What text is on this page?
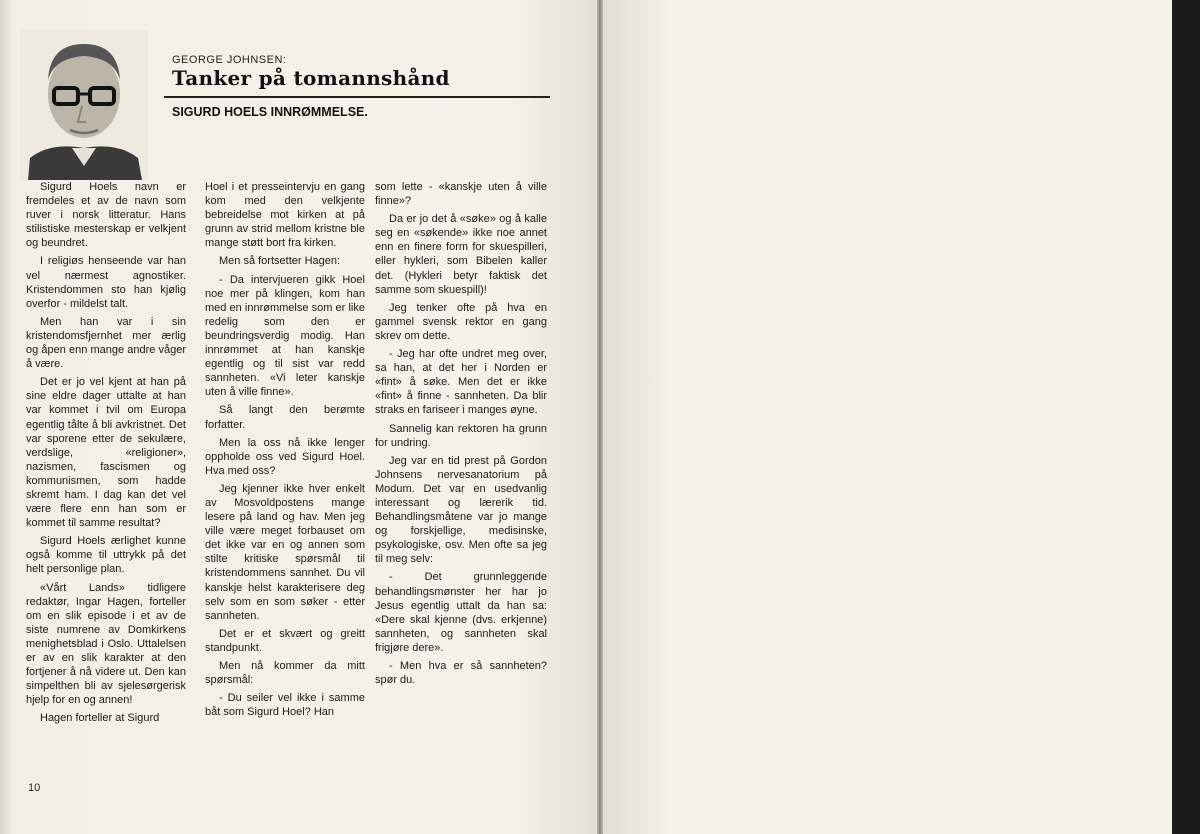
GEORGE JOHNSEN:
Tanker på tomannshånd
SIGURD HOELS INNRØMMELSE.

Sigurd Hoels navn er fremdeles et av de navn som ruver i norsk litteratur. Hans stilistiske mesterskap er velkjent og beundret.

I religiøs henseende var han vel nærmest agnostiker. Kristendommen sto han kjølig overfor - mildelst talt.

Men han var i sin kristendomsfjernhet mer ærlig og åpen enn mange andre våger å være.

Det er jo vel kjent at han på sine eldre dager uttalte at han var kommet i tvil om Europa egentlig tålte å bli avkristnet. Det var sporene etter de sekulære, verdslige, «religioner», nazismen, fascismen og kommunismen, som hadde skremt ham. I dag kan det vel være flere enn han som er kommet til samme resultat?

Sigurd Hoels ærlighet kunne også komme til uttrykk på det helt personlige plan.

«Vårt Lands» tidligere redaktør, Ingar Hagen, forteller om en slik episode i et av de siste numrene av Domkirkens menighetsblad i Oslo. Uttalelsen er av en slik karakter at den fortjener å nå videre ut. Den kan simpelthen bli av sjelesørgerisk hjelp for en og annen!

Hagen forteller at Sigurd

Hoel i et presseintervju en gang kom med den velkjente bebreidelse mot kirken at på grunn av strid mellom kristne ble mange støtt bort fra kirken.

Men så fortsetter Hagen:

- Da intervjueren gikk Hoel noe mer på klingen, kom han med en innrømmelse som er like redelig som den er beundringsverdig modig. Han innrømmet at han kanskje egentlig og til sist var redd sannheten. «Vi leter kanskje uten å ville finne».

Så langt den berømte forfatter.

Men la oss nå ikke lenger oppholde oss ved Sigurd Hoel. Hva med oss?

Jeg kjenner ikke hver enkelt av Mosvoldpostens mange lesere på land og hav. Men jeg ville være meget forbauset om det ikke var en og annen som stilte kritiske spørsmål til kristendommens sannhet. Du vil kanskje helst karakterisere deg selv som en som søker - etter sannheten.

Det er et skvært og greitt standpunkt.

Men nå kommer da mitt spørsmål:

- Du seiler vel ikke i samme båt som Sigurd Hoel? Han

som lette - «kanskje uten å ville finne»?

Da er jo det å «søke» og å kalle seg en «søkende» ikke noe annet enn en finere form for skuespilleri, eller hykleri, som Bibelen kaller det. (Hykleri betyr faktisk det samme som skuespill)!

Jeg tenker ofte på hva en gammel svensk rektor en gang skrev om dette.

- Jeg har ofte undret meg over, sa han, at det her i Norden er «fint» å søke. Men det er ikke «fint» å finne - sannheten. Da blir straks en fariseer i manges øyne.

Sannelig kan rektoren ha grunn for undring.

Jeg var en tid prest på Gordon Johnsens nervesanatorium på Modum. Det var en usedvanlig interessant og lærerik tid. Behandlingsmåtene var jo mange og forskjellige, medisinske, psykologiske, osv. Men ofte sa jeg til meg selv:

- Det grunnleggende behandlingsmønster her har jo Jesus egentlig uttalt da han sa: «Dere skal kjenne (dvs. erkjenne) sannheten, og sannheten skal frigjøre dere».

- Men hva er så sannheten? spør du.

10
